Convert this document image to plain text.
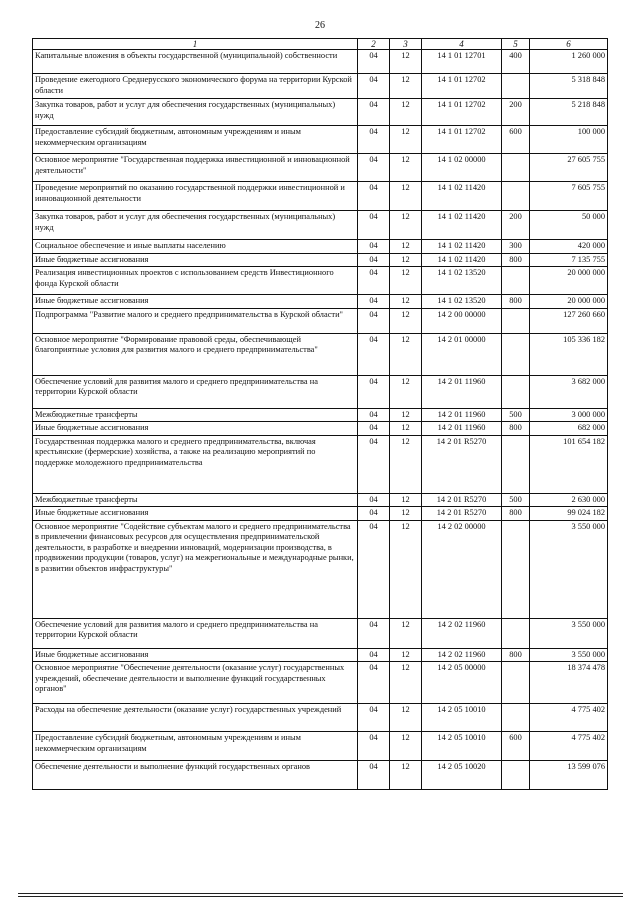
26
1	2	3	4	5	6
Капитальные вложения в объекты государственной (муниципальной) собственности	04	12	14 1 01 12701	400	1 260 000
Проведение ежегодного Среднерусского экономического форума на территории Курской области	04	12	14 1 01 12702		5 318 848
Закупка товаров, работ и услуг для обеспечения государственных (муниципальных) нужд	04	12	14 1 01 12702	200	5 218 848
Предоставление субсидий бюджетным, автономным учреждениям и иным некоммерческим организациям	04	12	14 1 01 12702	600	100 000
Основное мероприятие "Государственная поддержка инвестиционной и инновационной деятельности"	04	12	14 1 02 00000		27 605 755
Проведение мероприятий по оказанию государственной поддержки инвестиционной и инновационной деятельности	04	12	14 1 02 11420		7 605 755
Закупка товаров, работ и услуг для обеспечения государственных (муниципальных) нужд	04	12	14 1 02 11420	200	50 000
Социальное обеспечение и иные выплаты населению	04	12	14 1 02 11420	300	420 000
Иные бюджетные ассигнования	04	12	14 1 02 11420	800	7 135 755
Реализация инвестиционных проектов с использованием средств Инвестиционного фонда Курской области	04	12	14 1 02 13520		20 000 000
Иные бюджетные ассигнования	04	12	14 1 02 13520	800	20 000 000
Подпрограмма "Развитие малого и среднего предпринимательства в Курской области"	04	12	14 2 00 00000		127 260 660
Основное мероприятие "Формирование правовой среды, обеспечивающей благоприятные условия для развития малого и среднего предпринимательства"	04	12	14 2 01 00000		105 336 182
Обеспечение условий для развития малого и среднего предпринимательства на территории Курской области	04	12	14 2 01 11960		3 682 000
Межбюджетные трансферты	04	12	14 2 01 11960	500	3 000 000
Иные бюджетные ассигнования	04	12	14 2 01 11960	800	682 000
Государственная поддержка малого и среднего предпринимательства, включая крестьянские (фермерские) хозяйства, а также на реализацию мероприятий по поддержке молодежного предпринимательства	04	12	14 2 01 R5270		101 654 182
Межбюджетные трансферты	04	12	14 2 01 R5270	500	2 630 000
Иные бюджетные ассигнования	04	12	14 2 01 R5270	800	99 024 182
Основное мероприятие "Содействие субъектам малого и среднего предпринимательства в привлечении финансовых ресурсов для осуществления предпринимательской деятельности, в разработке и внедрении инноваций, модернизации производства, в продвижении продукции (товаров, услуг) на межрегиональные и международные рынки, в развитии объектов инфраструктуры"	04	12	14 2 02 00000		3 550 000
Обеспечение условий для развития малого и среднего предпринимательства на территории Курской области	04	12	14 2 02 11960		3 550 000
Иные бюджетные ассигнования	04	12	14 2 02 11960	800	3 550 000
Основное мероприятие "Обеспечение деятельности (оказание услуг) государственных учреждений, обеспечение деятельности и выполнение функций государственных органов"	04	12	14 2 05 00000		18 374 478
Расходы на обеспечение деятельности (оказание услуг) государственных учреждений	04	12	14 2 05 10010		4 775 402
Предоставление субсидий бюджетным, автономным учреждениям и иным некоммерческим организациям	04	12	14 2 05 10010	600	4 775 402
Обеспечение деятельности и выполнение функций государственных органов	04	12	14 2 05 10020		13 599 076
